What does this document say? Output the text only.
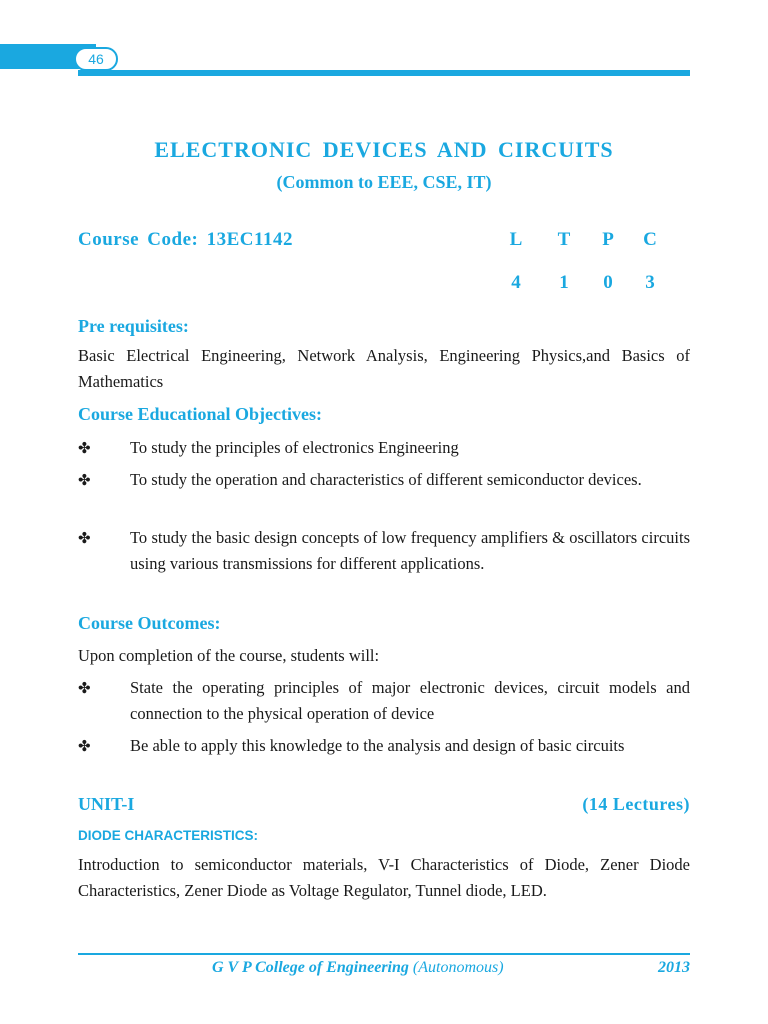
46
ELECTRONIC DEVICES AND CIRCUITS
(Common to EEE, CSE, IT)
Course Code: 13EC1142	L T P C
4 1 0 3
Pre requisites:
Basic Electrical Engineering, Network Analysis, Engineering Physics,and Basics of Mathematics
Course Educational Objectives:
✤ To study the principles of electronics Engineering
✤ To study the operation and characteristics of different semiconductor devices.
✤ To study the basic design concepts of low frequency amplifiers & oscillators circuits using various transmissions for different applications.
Course Outcomes:
Upon completion of the course, students will:
✤ State the operating principles of major electronic devices, circuit models and connection to the physical operation of device
✤ Be able to apply this knowledge to the analysis and design of basic circuits
UNIT-I	(14 Lectures)
DIODE CHARACTERISTICS:
Introduction to semiconductor materials, V-I Characteristics of Diode, Zener Diode Characteristics, Zener Diode as Voltage Regulator, Tunnel diode, LED.
G V P College of Engineering (Autonomous)	2013
